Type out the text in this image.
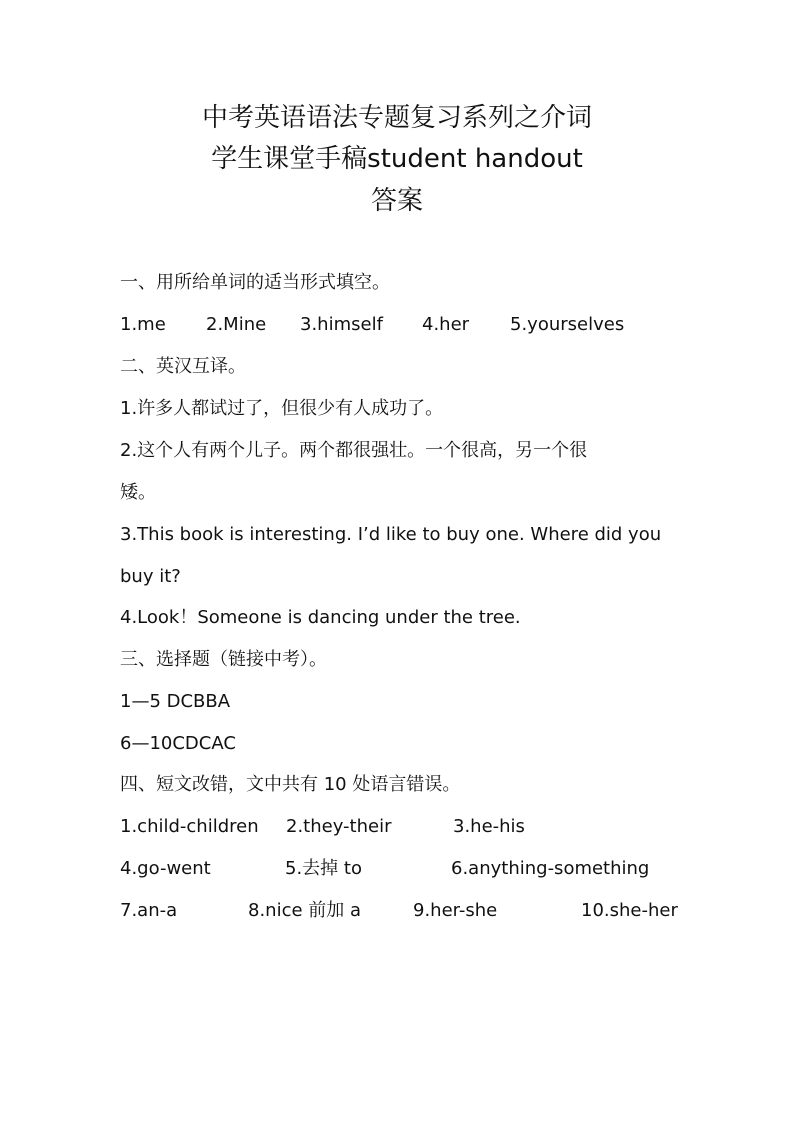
中考英语语法专题复习系列之介词
学生课堂手稿student handout
答案
一、用所给单词的适当形式填空。
1.me 2.Mine 3.himself 4.her 5.yourselves
二、英汉互译。
1.许多人都试过了，但很少有人成功了。
2.这个人有两个儿子。两个都很强壮。一个很高，另一个很
矮。
3.This book is interesting. I’d like to buy one. Where did you
buy it?
4.Look！Someone is dancing under the tree.
三、选择题（链接中考）。
1—5 DCBBA
6—10CDCAC
四、短文改错，文中共有 10 处语言错误。
1.child-children 2.they-their	3.he-his
4.go-went	5.去掉 to	6.anything-something
7.an-a	8.nice 前加 a	9.her-she	10.she-her
